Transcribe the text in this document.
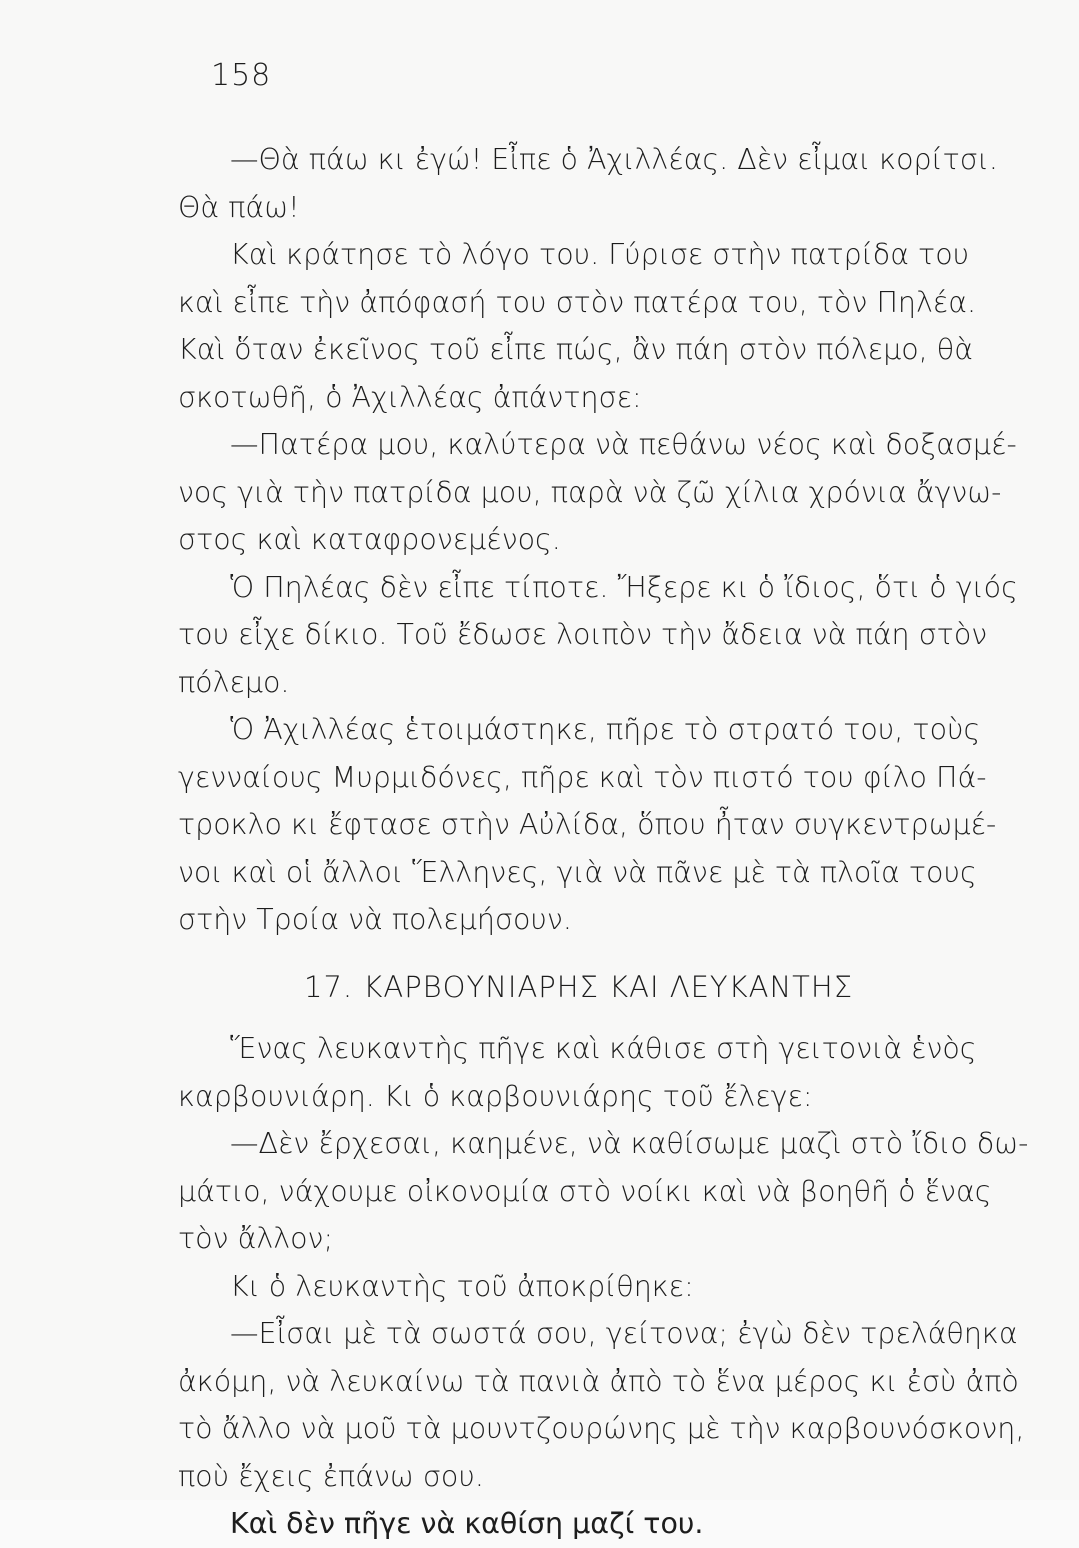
158
—Θὰ πάω κι ἐγώ! Εἶπε ὁ Ἀχιλλέας. Δὲν εἶμαι κορίτσι.
Θὰ πάω!
Καὶ κράτησε τὸ λόγο του. Γύρισε στὴν πατρίδα του
καὶ εἶπε τὴν ἀπόφασή του στὸν πατέρα του, τὸν Πηλέα.
Καὶ ὅταν ἐκεῖνος τοῦ εἶπε πώς, ἂν πάη στὸν πόλεμο, θὰ
σκοτωθῆ, ὁ Ἀχιλλέας ἀπάντησε:
—Πατέρα μου, καλύτερα νὰ πεθάνω νέος καὶ δοξασμέ-
νος γιὰ τὴν πατρίδα μου, παρὰ νὰ ζῶ χίλια χρόνια ἄγνω-
στος καὶ καταφρονεμένος.
Ὁ Πηλέας δὲν εἶπε τίποτε. Ἤξερε κι ὁ ἴδιος, ὅτι ὁ γιός
του εἶχε δίκιο. Τοῦ ἔδωσε λοιπὸν τὴν ἄδεια νὰ πάη στὸν
πόλεμο.
Ὁ Ἀχιλλέας ἑτοιμάστηκε, πῆρε τὸ στρατό του, τοὺς
γενναίους Μυρμιδόνες, πῆρε καὶ τὸν πιστό του φίλο Πά-
τροκλο κι ἔφτασε στὴν Αὐλίδα, ὅπου ἦταν συγκεντρωμέ-
νοι καὶ οἱ ἄλλοι Ἕλληνες, γιὰ νὰ πᾶνε μὲ τὰ πλοῖα τους
στὴν Τροία νὰ πολεμήσουν.
17. ΚΑΡΒΟΥΝΙΑΡΗΣ ΚΑΙ ΛΕΥΚΑΝΤΗΣ
Ἕνας λευκαντὴς πῆγε καὶ κάθισε στὴ γειτονιὰ ἑνὸς
καρβουνιάρη. Κι ὁ καρβουνιάρης τοῦ ἔλεγε:
—Δὲν ἔρχεσαι, καημένε, νὰ καθίσωμε μαζὶ στὸ ἴδιο δω-
μάτιο, νάχουμε οἰκονομία στὸ νοίκι καὶ νὰ βοηθῆ ὁ ἕνας
τὸν ἄλλον;
Κι ὁ λευκαντὴς τοῦ ἀποκρίθηκε:
—Εἶσαι μὲ τὰ σωστά σου, γείτονα; ἐγὼ δὲν τρελάθηκα
ἀκόμη, νὰ λευκαίνω τὰ πανιὰ ἀπὸ τὸ ἕνα μέρος κι ἐσὺ ἀπὸ
τὸ ἄλλο νὰ μοῦ τὰ μουντζουρώνης μὲ τὴν καρβουνόσκονη,
ποὺ ἔχεις ἐπάνω σου.
Καὶ δὲν πῆγε νὰ καθίση μαζί του.
